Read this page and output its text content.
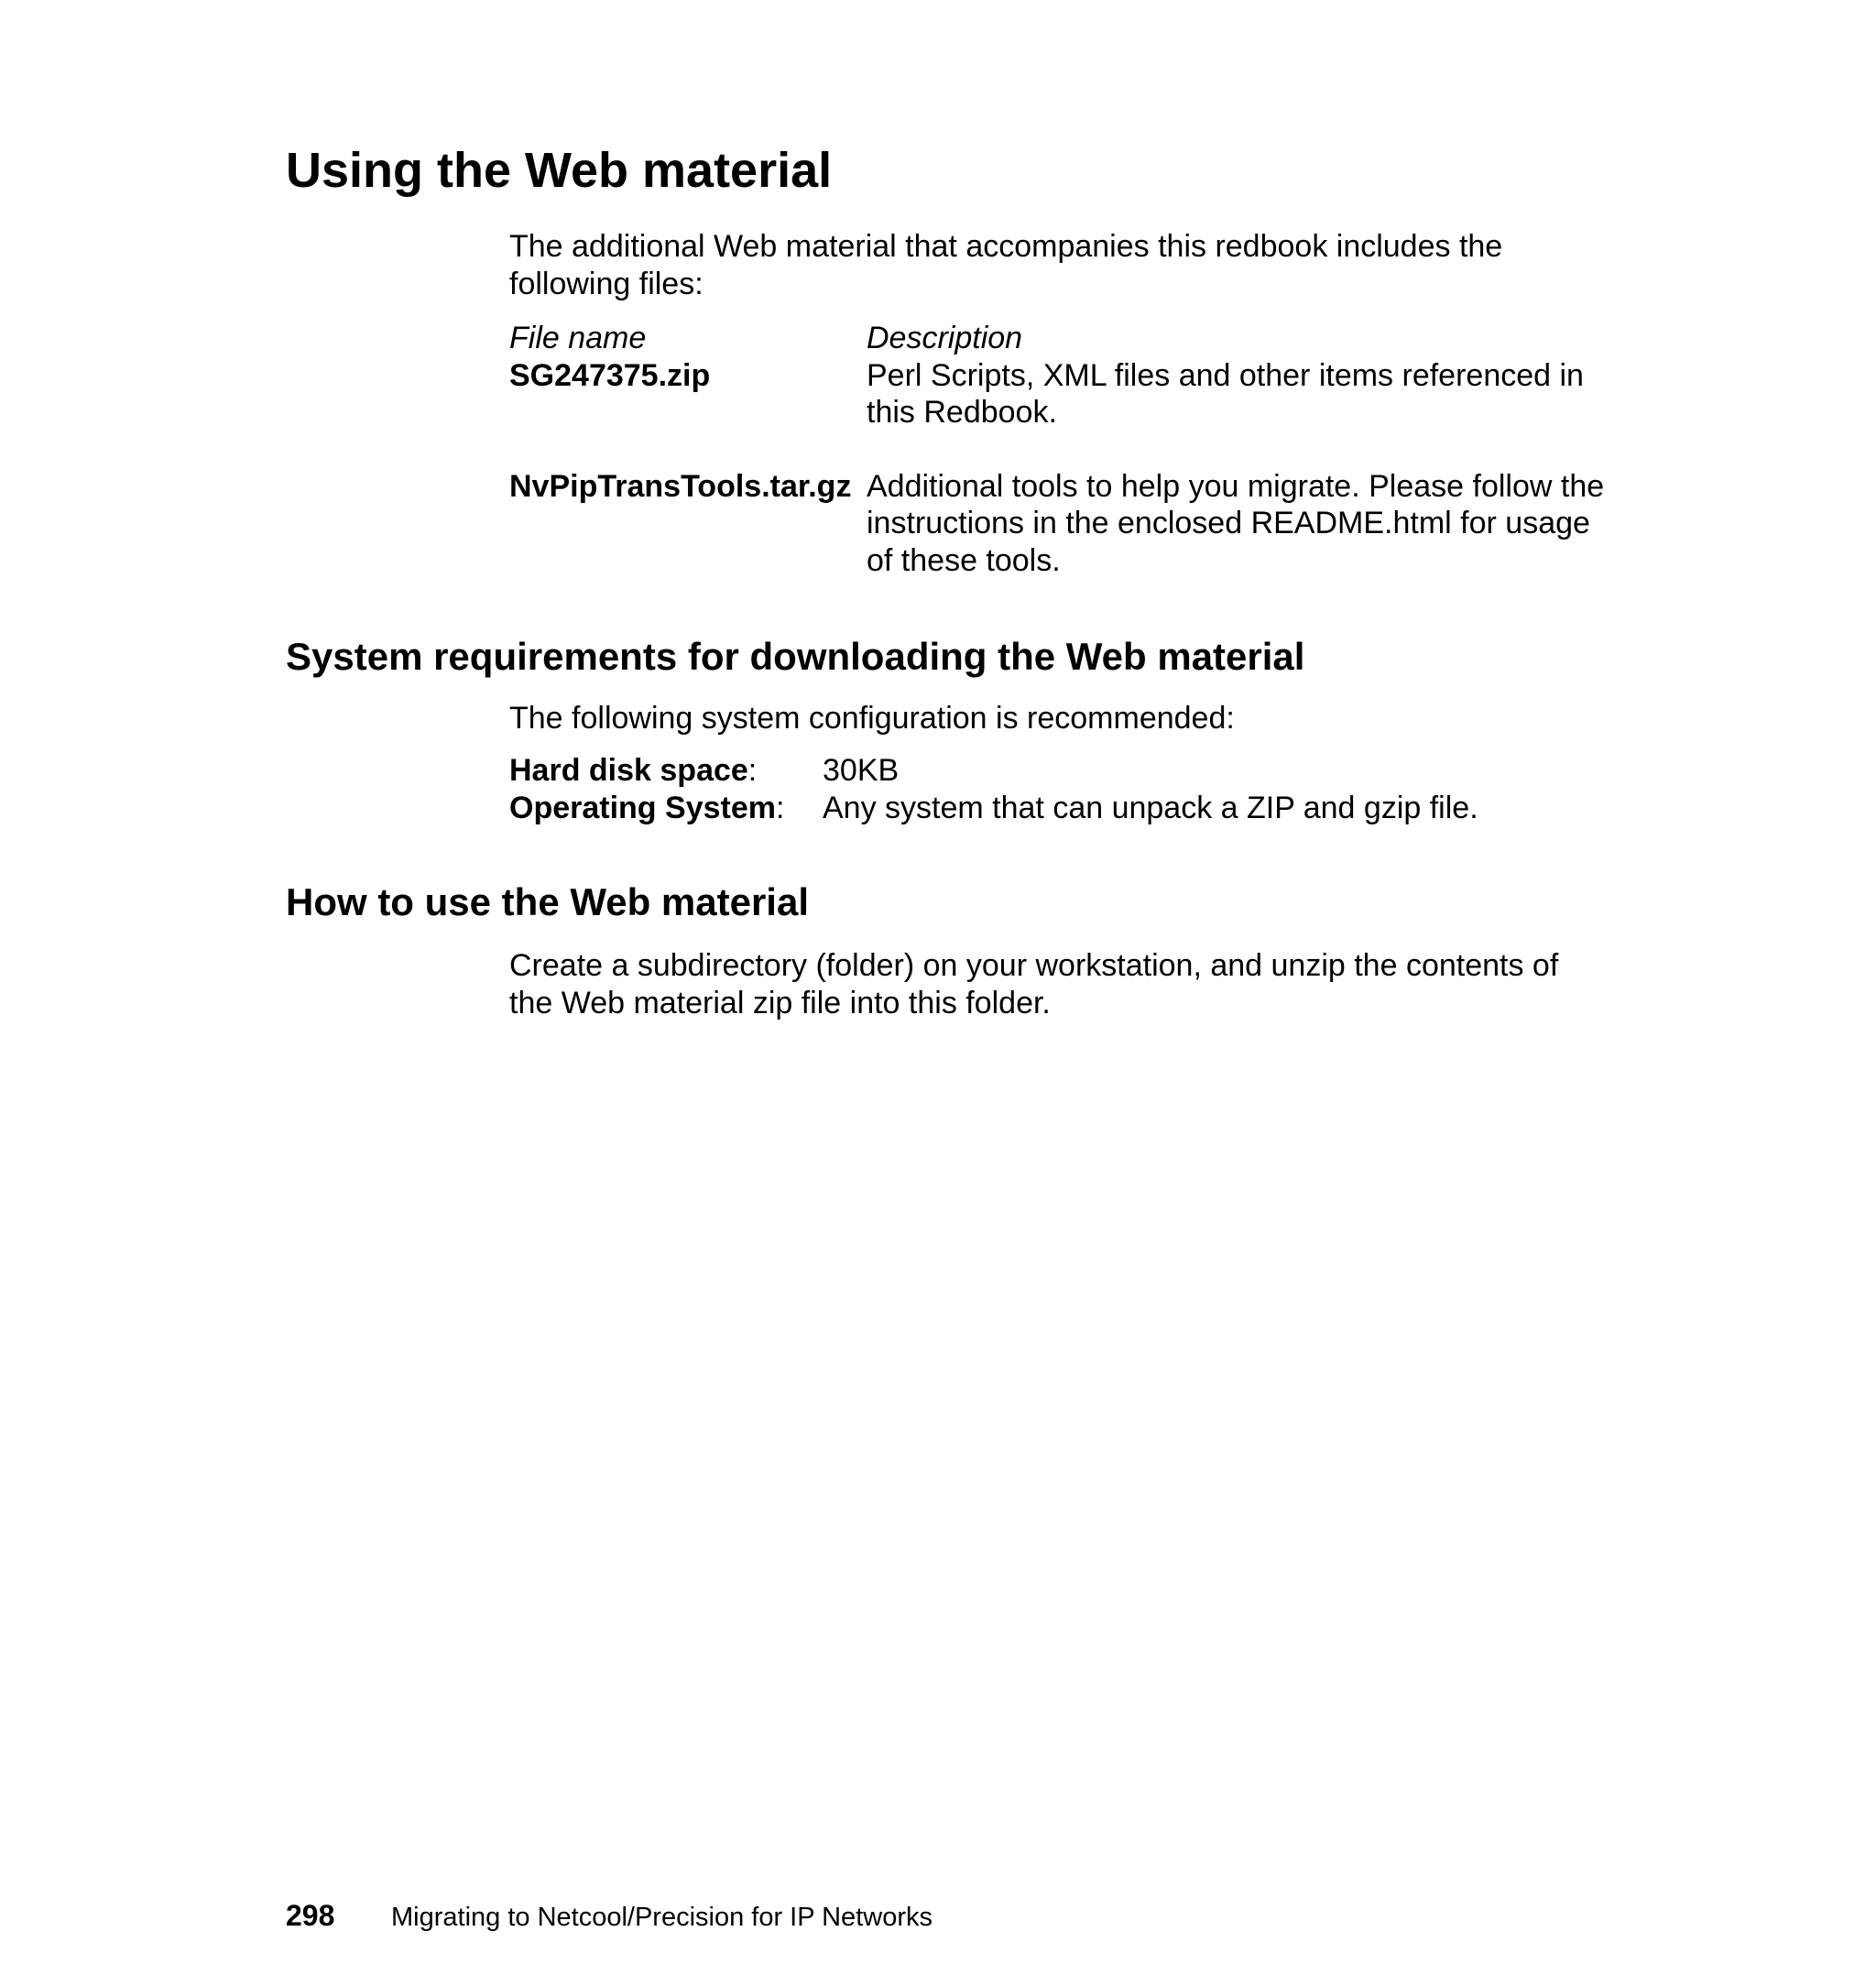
Using the Web material

The additional Web material that accompanies this redbook includes the following files:

File name	Description
SG247375.zip	Perl Scripts, XML files and other items referenced in this Redbook.
NvPipTransTools.tar.gz Additional tools to help you migrate. Please follow the instructions in the enclosed README.html for usage of these tools.
System requirements for downloading the Web material

The following system configuration is recommended:

Hard disk space:	30KB
Operating System:	Any system that can unpack a ZIP and gzip file.
How to use the Web material

Create a subdirectory (folder) on your workstation, and unzip the contents of the Web material zip file into this folder.

298 Migrating to Netcool/Precision for IP Networks
